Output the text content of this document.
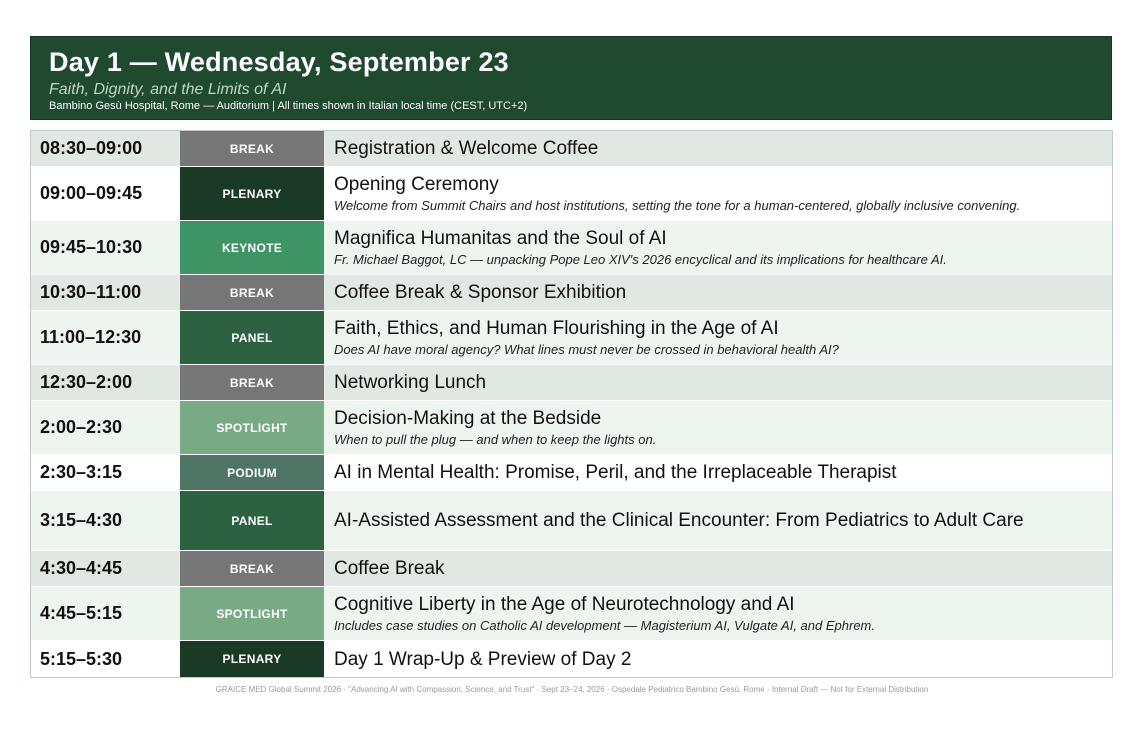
Day 1 — Wednesday, September 23
Faith, Dignity, and the Limits of AI
Bambino Gesù Hospital, Rome — Auditorium | All times shown in Italian local time (CEST, UTC+2)
08:30–09:00	BREAK	Registration & Welcome Coffee
09:00–09:45	PLENARY	Opening Ceremony
Welcome from Summit Chairs and host institutions, setting the tone for a human-centered, globally inclusive convening.
09:45–10:30	KEYNOTE	Magnifica Humanitas and the Soul of AI
Fr. Michael Baggot, LC — unpacking Pope Leo XIV's 2026 encyclical and its implications for healthcare AI.
10:30–11:00	BREAK	Coffee Break & Sponsor Exhibition
11:00–12:30	PANEL	Faith, Ethics, and Human Flourishing in the Age of AI
Does AI have moral agency? What lines must never be crossed in behavioral health AI?
12:30–2:00	BREAK	Networking Lunch
2:00–2:30	SPOTLIGHT	Decision-Making at the Bedside
When to pull the plug — and when to keep the lights on.
2:30–3:15	PODIUM	AI in Mental Health: Promise, Peril, and the Irreplaceable Therapist
3:15–4:30	PANEL	AI-Assisted Assessment and the Clinical Encounter: From Pediatrics to Adult Care
4:30–4:45	BREAK	Coffee Break
4:45–5:15	SPOTLIGHT	Cognitive Liberty in the Age of Neurotechnology and AI
Includes case studies on Catholic AI development — Magisterium AI, Vulgate AI, and Ephrem.
5:15–5:30	PLENARY	Day 1 Wrap-Up & Preview of Day 2
GRAICE MED Global Summit 2026 · "Advancing AI with Compassion, Science, and Trust" · Sept 23–24, 2026 · Ospedale Pediatrico Bambino Gesù, Rome · Internal Draft — Not for External Distribution
